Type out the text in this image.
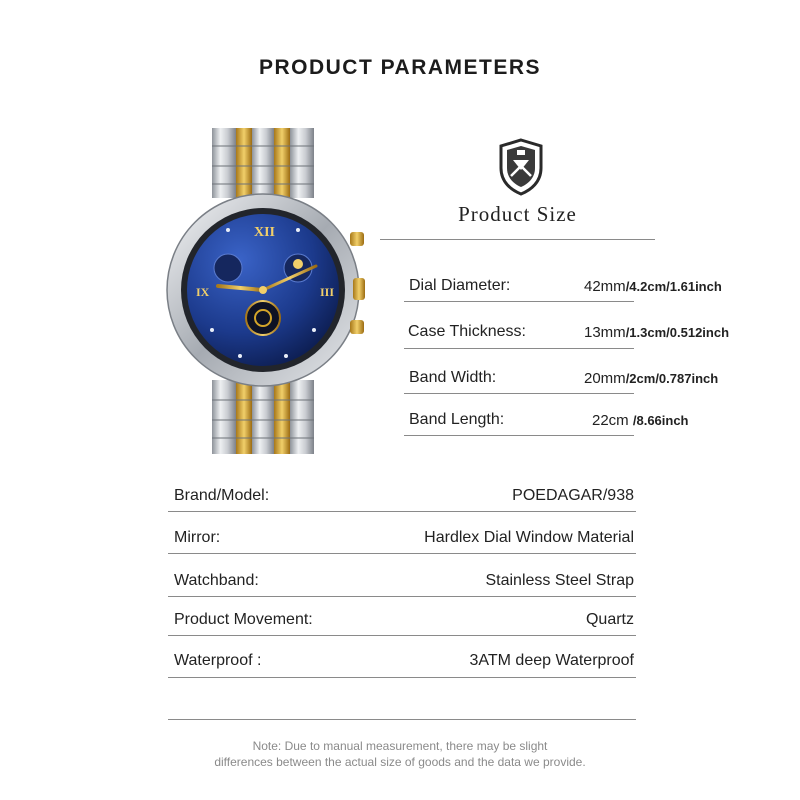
PRODUCT PARAMETERS
XII
IX	III
Product Size
Dial Diameter:	42mm/4.2cm/1.61inch
Case Thickness:	13mm/1.3cm/0.512inch
Band Width:	20mm/2cm/0.787inch
Band Length:	22cm /8.66inch
Brand/Model:	POEDAGAR/938
Mirror:	Hardlex Dial Window Material
Watchband:	Stainless Steel Strap
Product Movement:	Quartz
Waterproof :	3ATM deep Waterproof
Note: Due to manual measurement, there may be slight
differences between the actual size of goods and the data we provide.
